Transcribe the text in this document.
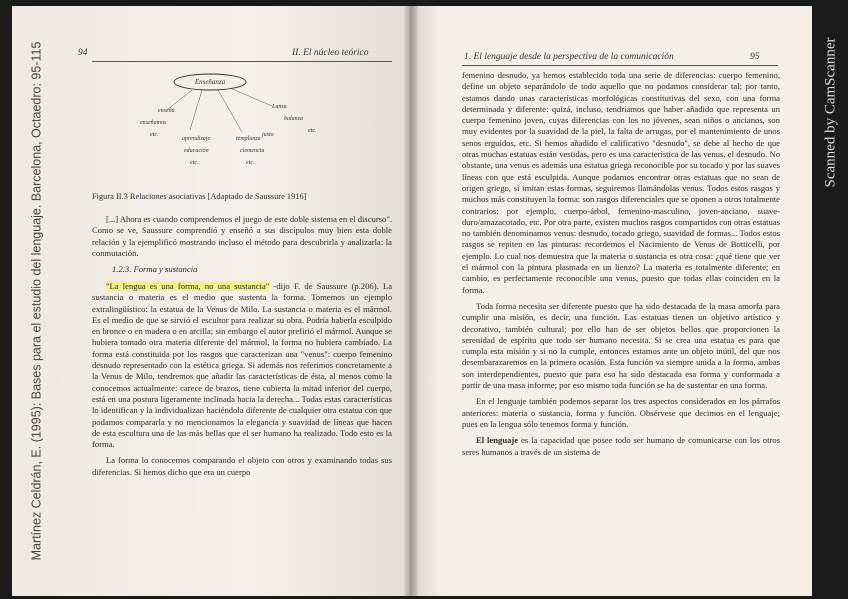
Martínez Celdrán, E. (1995): Bases para el estudio del lenguaje. Barcelona, Octaedro: 95-115	94	II. El núcleo teórico
Enseñanza
enseña
enseñamos
etc.
aprendizaje
educación
etc.
templanza
clemencia
etc.
justo
Lanza
balanza
etc.
Figura II.3 Relaciones asociativas [Adaptado de Saussure 1916]

[...] Ahora es cuando comprendemos el juego de este doble sistema en el discurso". Como se ve, Saussure comprendió y enseñó a sus discípulos muy bien esta doble relación y la ejemplificó mostrando incluso el método para descubrirla y analizarla: la conmutación.

1.2.3. Forma y sustancia

"La lengua es una forma, no una sustancia" -dijo F. de Saussure (p.206). La sustancia o materia es el medio que sustenta la forma. Tomemos un ejemplo extralingüístico: la estatua de la Venus de Milo. La sustancia o materia es el mármol. Es el medio de que se sirvió el escultor para realizar su obra. Podría haberla esculpido en bronce o en madera o en arcilla; sin embargo el autor prefirió el mármol. Aunque se hubiera tomado otra materia diferente del mármol, la forma no hubiera cambiado. La forma está constituida por los rasgos que caracterizan una "venus": cuerpo femenino desnudo representado con la estética griega. Si además nos referimos concretamente a la Venus de Milo, tendremos que añadir las características de ésta, al menos como la conocemos actualmente: carece de brazos, tiene cubierta la mitad inferior del cuerpo, está en una postura ligeramente inclinada hacia la derecha... Todas estas características lo identifican y la individualizan haciéndola diferente de cualquier otra estatua con que podamos compararla y no mencionamos la elegancia y suavidad de líneas que hacen de esta escultura una de las más bellas que el ser humano ha realizado. Todo esto es la forma.

La forma lo conocemos comparando el objeto con otros y examinando todas sus diferencias. Si hemos dicho que era un cuerpo

1. El lenguaje desde la perspectiva de la comunicación	95

femenino desnudo, ya hemos establecido toda una serie de diferencias: cuerpo femenino, define un objeto separándolo de todo aquello que no podamos considerar tal; por tanto, estamos dando unas características morfológicas constitutivas del sexo, con una forma determinada y diferente: quizá, incluso, tendríamos que haber añadido que representa un cuerpo femenino joven, cuyas diferencias con los no jóvenes, sean niños o ancianos, son muy evidentes por la suavidad de la piel, la falta de arrugas, por el mantenimiento de unos senos erguidos, etc. Si hemos añadido el calificativo "desnudo", se debe al hecho de que otras muchas estatuas están vestidas, pero es una característica de las venus, el desnudo. No obstante, una venus es además una estatua griega reconocible por su tocado y por las suaves líneas con que está esculpida. Aunque podamos encontrar otras estatuas que no sean de origen griego, si imitan estas formas, seguiremos llamándolas venus. Todos estos rasgos y muchos más constituyen la forma: son rasgos diferenciales que se oponen a otros totalmente contrarios; por ejemplo, cuerpo-árbol, femenino-masculino, joven-anciano, suave-duro/amazacotado, etc. Por otra parte, existen muchos rasgos compartidos con otras estatuas no también denominamos venus: desnudo, tocado griego, suavidad de formas... Todos estos rasgos se repiten en las pinturas: recordemos el Nacimiento de Venus de Botticelli, por ejemplo. Lo cual nos demuestra que la materia o sustancia es otra cosa: ¿qué tiene que ver el mármol con la pintura plasmada en un lienzo? La materia es totalmente diferente; en cambio, es perfectamente reconocible una venus, puesto que todas ellas coinciden en la forma.

Toda forma necesita ser diferente puesto que ha sido destacada de la masa amorfa para cumplir una misión, es decir, una función. Las estatuas tienen un objetivo artístico y decorativo, también cultural; por ello han de ser objetos bellos que proporcionen la serenidad de espíritu que todo ser humano necesita. Si se crea una estatua es para que cumpla esta misión y si no la cumple, entonces estamos ante un objeto inútil, del que nos desembarazaremos en la primera ocasión. Esta función va siempre unida a la forma, ambas son interdependientes, puesto que para eso ha sido destacada esa forma y conformada a partir de una masa informe; por eso mismo toda función se ha de sustentar en una forma.

En el lenguaje también podemos separar los tres aspectos considerados en los párrafos anteriores: materia o sustancia, forma y función. Obsérvese que decimos en el lenguaje; pues en la lengua sólo tenemos forma y función.

El lenguaje es la capacidad que posee todo ser humano de comunicarse con los otros seres humanos a través de un sistema de

Scanned by CamScanner
